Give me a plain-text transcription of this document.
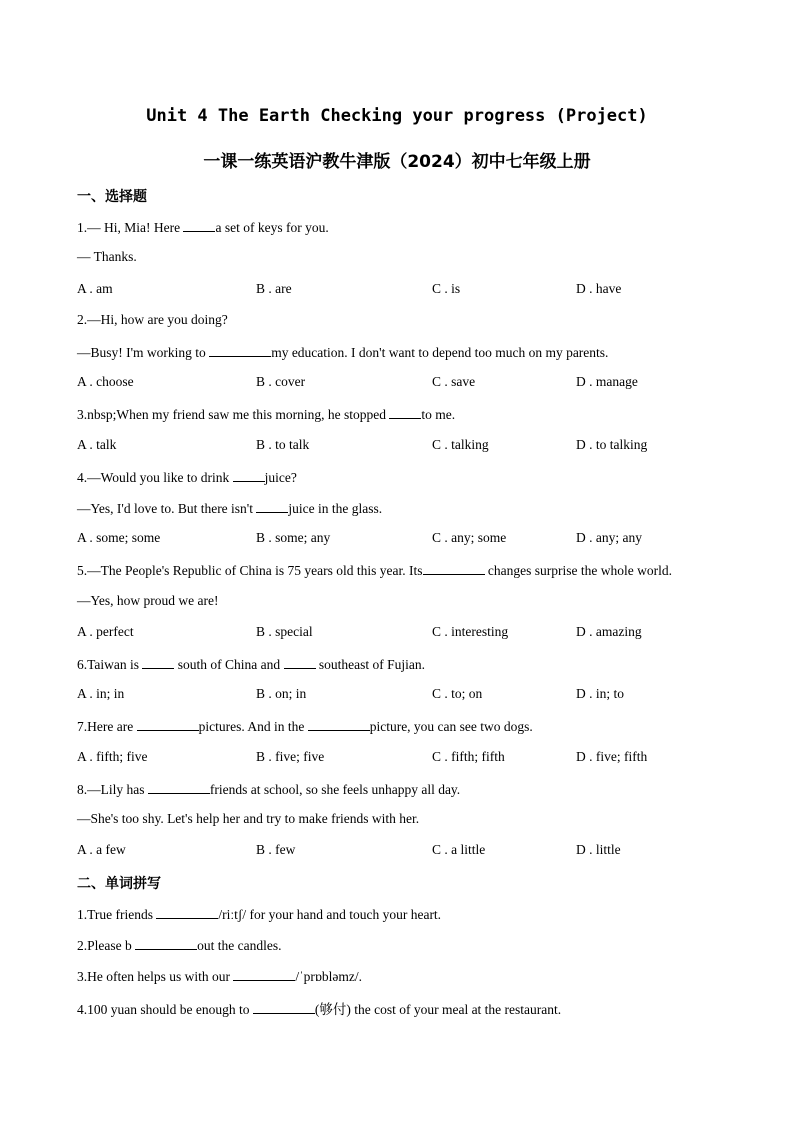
Unit 4 The Earth Checking your progress (Project)
一课一练英语沪教牛津版（2024）初中七年级上册
一、选择题
1.— Hi, Mia! Here a set of keys for you.
— Thanks.
A . am	B . are	C . is	D . have
2.—Hi, how are you doing?
—Busy! I'm working to	my education. I don't want to depend too much on my parents.
A . choose	B . cover	C . save	D . manage
3.nbsp;When my friend saw me this morning, he stopped to me.
A . talk	B . to talk	C . talking	D . to talking
4.—Would you like to drink juice?
—Yes, I'd love to. But there isn't juice in the glass.
A . some; some	B . some; any	C . any; some	D . any; any
5.—The People's Republic of China is 75 years old this year. Its	changes surprise the whole world.
—Yes, how proud we are!
A . perfect	B . special	C . interesting	D . amazing
6.Taiwan is  south of China and  southeast of Fujian.
A . in; in	B . on; in	C . to; on	D . in; to
7.Here are	pictures. And in the	picture, you can see two dogs.
A . fifth; five	B . five; five	C . fifth; fifth	D . five; fifth
8.—Lily has	friends at school, so she feels unhappy all day.
—She's too shy. Let's help her and try to make friends with her.
A . a few	B . few	C . a little	D . little
二、单词拼写
1.True friends	/riːtʃ/ for your hand and touch your heart.
2.Please b	out the candles.
3.He often helps us with our	/ˈprɒbləmz/.
4.100 yuan should be enough to	(够付) the cost of your meal at the restaurant.
